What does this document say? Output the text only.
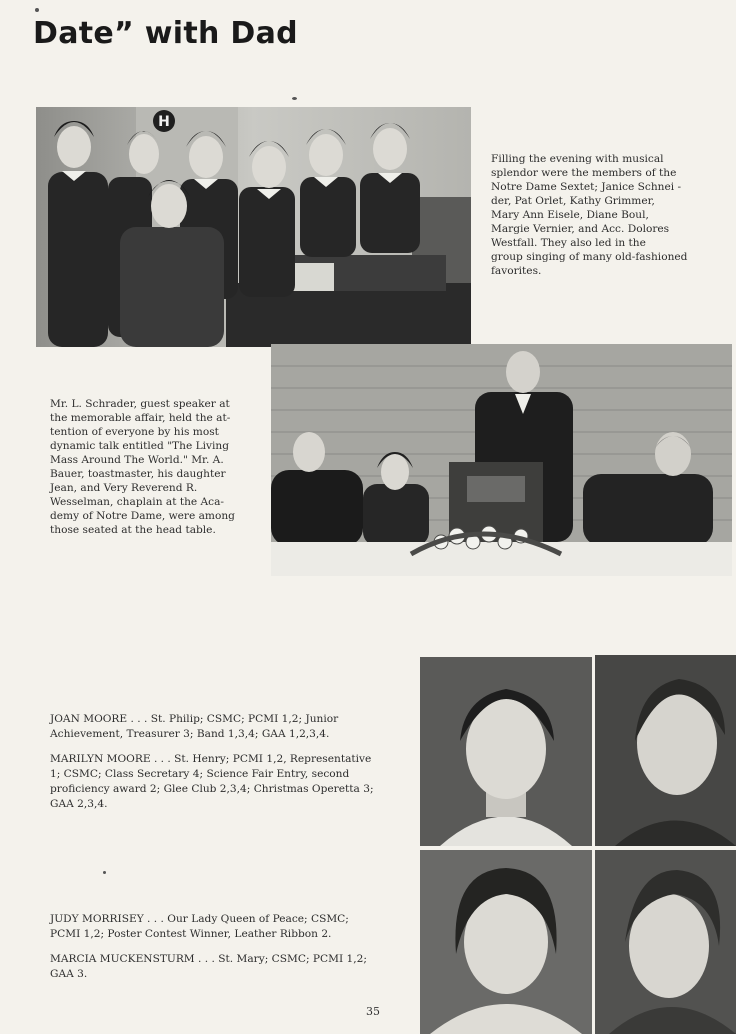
Date” with Dad
H

Filling the evening with musical

splendor were the members of the

Notre Dame Sextet; Janice Schnei -

der, Pat Orlet, Kathy Grimmer,

Mary Ann Eisele, Diane Boul,

Margie Vernier, and Acc. Dolores

Westfall. They also led in the

group singing of many old-fashioned

favorites.

Mr. L. Schrader, guest speaker at

the memorable affair, held the at-

tention of everyone by his most

dynamic talk entitled "The Living

Mass Around The World." Mr. A.

Bauer, toastmaster, his daughter

Jean, and Very Reverend R.

Wesselman, chaplain at the Aca-

demy of Notre Dame, were among

those seated at the head table.

JOAN MOORE . . . St. Philip; CSMC; PCMI 1,2; Junior
Achievement, Treasurer 3; Band 1,3,4; GAA 1,2,3,4.

MARILYN MOORE . . . St. Henry; PCMI 1,2, Representative
1; CSMC; Class Secretary 4; Science Fair Entry, second
proficiency award 2; Glee Club 2,3,4; Christmas Operetta 3;
GAA 2,3,4.

JUDY MORRISEY . . . Our Lady Queen of Peace; CSMC;
PCMI 1,2; Poster Contest Winner, Leather Ribbon 2.

MARCIA MUCKENSTURM . . . St. Mary; CSMC; PCMI 1,2;
GAA 3.

35
